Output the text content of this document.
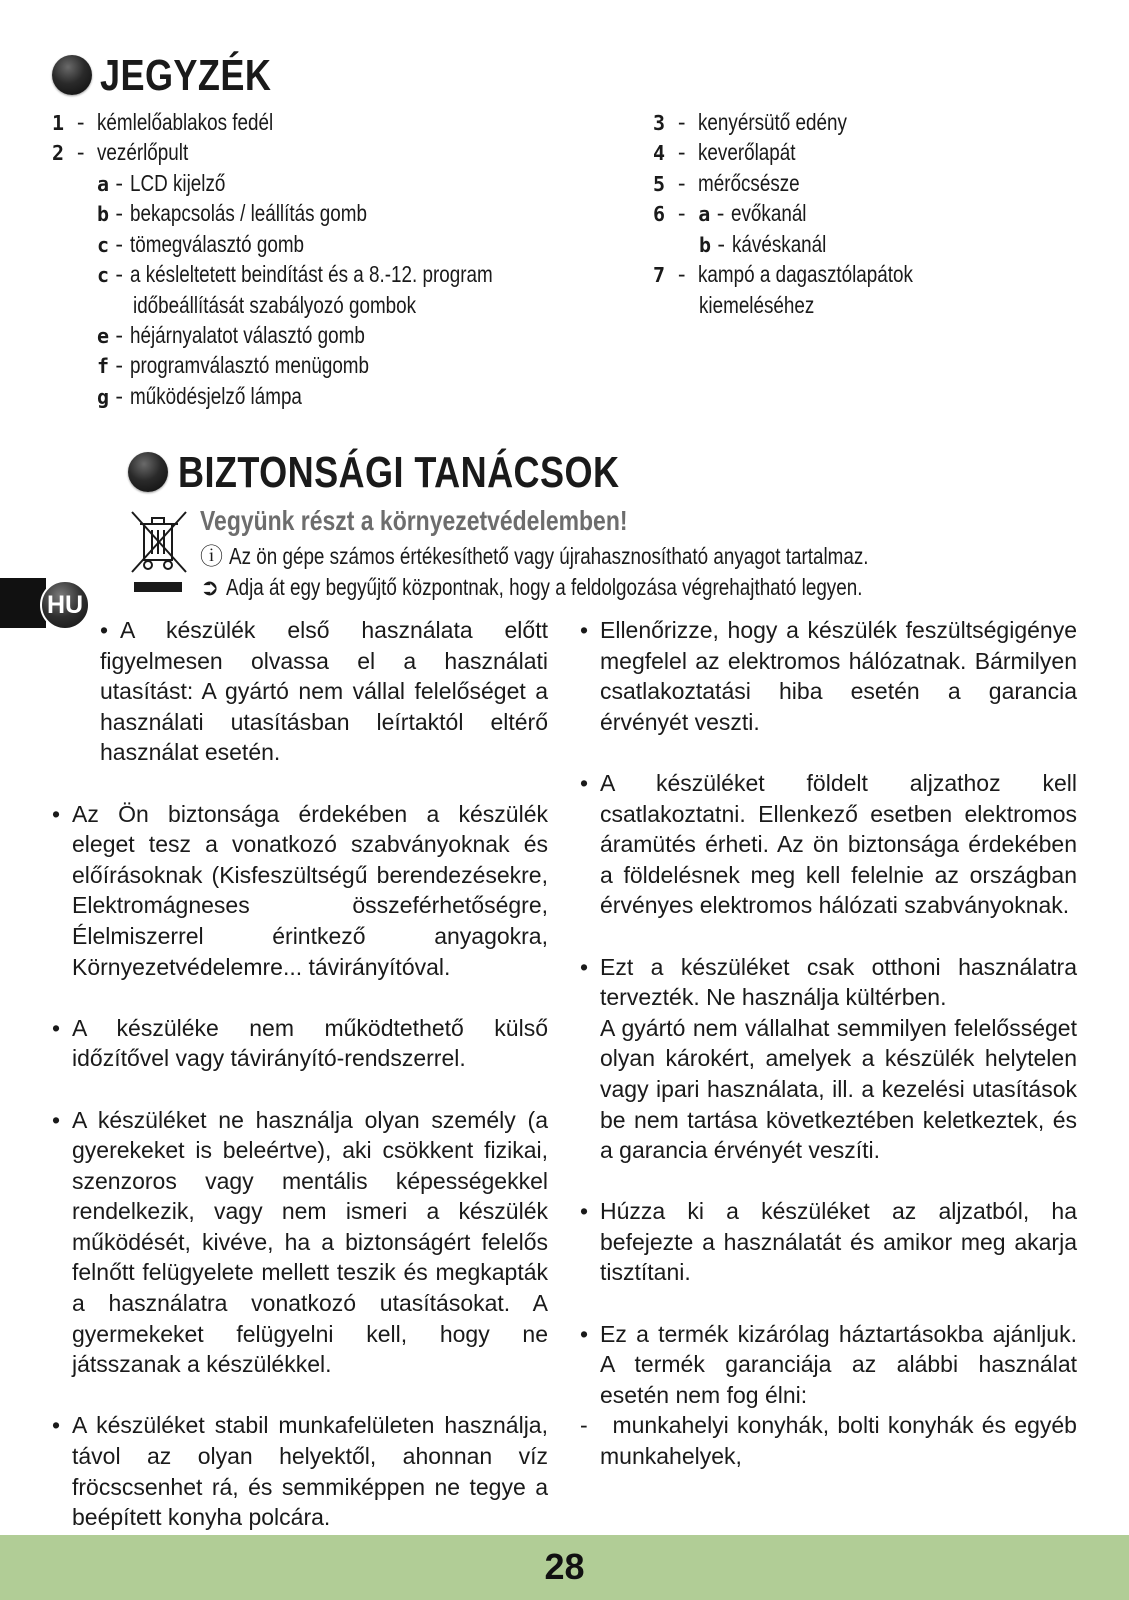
JEGYZÉK
1  -  kémlelőablakos fedél
2  -  vezérlőpult
a - LCD kijelző
b - bekapcsolás / leállítás gomb
c - tömegválasztó gomb
c - a késleltetett beindítást és a 8.-12. program
időbeállítását szabályozó gombok
e - héjárnyalatot választó gomb
f - programválasztó menügomb
g - működésjelző lámpa
3  -  kenyérsütő edény
4  -  keverőlapát
5  -  mérőcsésze
6  -  a - evőkanál
b - kávéskanál
7  -  kampó a dagasztólapátok
kiemeléséhez
BIZTONSÁGI TANÁCSOK
Vegyünk részt a környezetvédelemben!
ⓘ Az ön gépe számos értékesíthető vagy újrahasznosítható anyagot tartalmaz.
➲ Adja át egy begyűjtő központnak, hogy a feldolgozása végrehajtható legyen.
HU

• A készülék első használata előtt figyelmesen olvassa el a használati utasítást: A gyártó nem vállal felelőséget a használati utasításban leírtaktól eltérő használat esetén.

• Az Ön biztonsága érdekében a készülék eleget tesz a vonatkozó szabványoknak és előírásoknak (Kisfeszültségű berendezésekre, Elektromágneses összeférhetőségre, Élelmiszerrel érintkező anyagokra, Környezetvédelemre... távirányítóval.

• A készüléke nem működtethető külső időzítővel vagy távirányító-rendszerrel.

• A készüléket ne használja olyan személy (a gyerekeket is beleértve), aki csökkent fizikai, szenzoros vagy mentális képességekkel rendelkezik, vagy nem ismeri a készülék működését, kivéve, ha a biztonságért felelős felnőtt felügyelete mellett teszik és megkapták a használatra vonatkozó utasításokat. A gyermekeket felügyelni kell, hogy ne játsszanak a készülékkel.

• A készüléket stabil munkafelületen használja, távol az olyan helyektől, ahonnan víz fröcscsenhet rá, és semmiképpen ne tegye a beépített konyha polcára.

• Ellenőrizze, hogy a készülék feszültségigénye megfelel az elektromos hálózatnak. Bármilyen csatlakoztatási hiba esetén a garancia érvényét veszti.

• A készüléket földelt aljzathoz kell csatlakoztatni. Ellenkező esetben elektromos áramütés érheti. Az ön biztonsága érdekében a földelésnek meg kell felelnie az országban érvényes elektromos hálózati szabványoknak.

• Ezt a készüléket csak otthoni használatra tervezték. Ne használja kültérben.

A gyártó nem vállalhat semmilyen felelősséget olyan károkért, amelyek a készülék helytelen vagy ipari használata, ill. a kezelési utasítások be nem tartása következtében keletkeztek, és a garancia érvényét veszíti.

• Húzza ki a készüléket az aljzatból, ha befejezte a használatát és amikor meg akarja tisztítani.

• Ez a termék kizárólag háztartásokba ajánljuk. A termék garanciája az alábbi használat esetén nem fog élni:

-   munkahelyi konyhák, bolti konyhák és egyéb munkahelyek,

28
